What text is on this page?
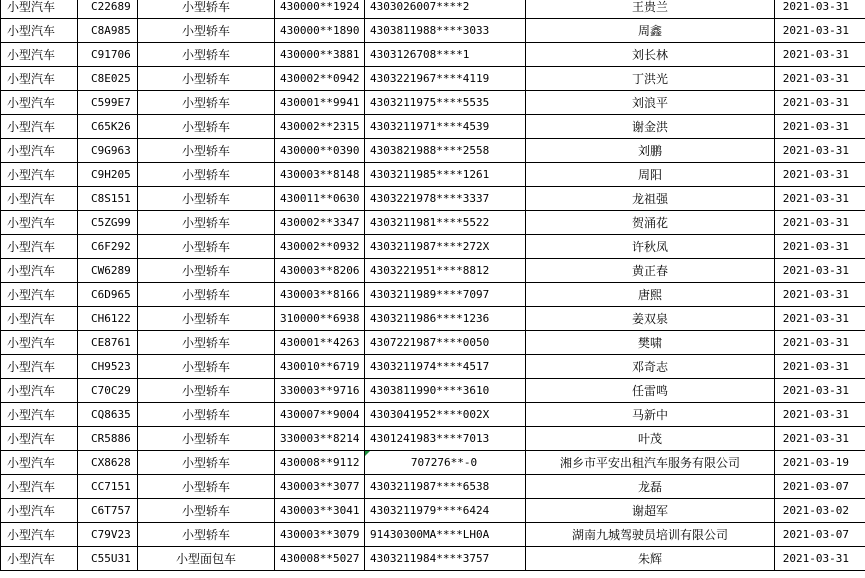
小型汽车	C22689	小型轿车	430000**1924	4303026007****2	王贵兰	2021-03-31
小型汽车	C8A985	小型轿车	430000**1890	4303811988****3033	周鑫	2021-03-31
小型汽车	C91706	小型轿车	430000**3881	4303126708****1	刘长林	2021-03-31
小型汽车	C8E025	小型轿车	430002**0942	4303221967****4119	丁洪光	2021-03-31
小型汽车	C599E7	小型轿车	430001**9941	4303211975****5535	刘浪平	2021-03-31
小型汽车	C65K26	小型轿车	430002**2315	4303211971****4539	谢金洪	2021-03-31
小型汽车	C9G963	小型轿车	430000**0390	4303821988****2558	刘鹏	2021-03-31
小型汽车	C9H205	小型轿车	430003**8148	4303211985****1261	周阳	2021-03-31
小型汽车	C8S151	小型轿车	430011**0630	4303221978****3337	龙祖强	2021-03-31
小型汽车	C5ZG99	小型轿车	430002**3347	4303211981****5522	贺涌花	2021-03-31
小型汽车	C6F292	小型轿车	430002**0932	4303211987****272X	许秋凤	2021-03-31
小型汽车	CW6289	小型轿车	430003**8206	4303221951****8812	黄正春	2021-03-31
小型汽车	C6D965	小型轿车	430003**8166	4303211989****7097	唐熙	2021-03-31
小型汽车	CH6122	小型轿车	310000**6938	4303211986****1236	姜双泉	2021-03-31
小型汽车	CE8761	小型轿车	430001**4263	4307221987****0050	樊啸	2021-03-31
小型汽车	CH9523	小型轿车	430010**6719	4303211974****4517	邓奇志	2021-03-31
小型汽车	C70C29	小型轿车	330003**9716	4303811990****3610	任雷鸣	2021-03-31
小型汽车	CQ8635	小型轿车	430007**9004	4303041952****002X	马新中	2021-03-31
小型汽车	CR5886	小型轿车	330003**8214	4301241983****7013	叶茂	2021-03-31
小型汽车	CX8628	小型轿车	430008**9112	707276**-0	湘乡市平安出租汽车服务有限公司	2021-03-19
小型汽车	CC7151	小型轿车	430003**3077	4303211987****6538	龙磊	2021-03-07
小型汽车	C6T757	小型轿车	430003**3041	4303211979****6424	谢超军	2021-03-02
小型汽车	C79V23	小型轿车	430003**3079	91430300MA****LH0A	湖南九城驾驶员培训有限公司	2021-03-07
小型汽车	C55U31	小型面包车	430008**5027	4303211984****3757	朱辉	2021-03-31
